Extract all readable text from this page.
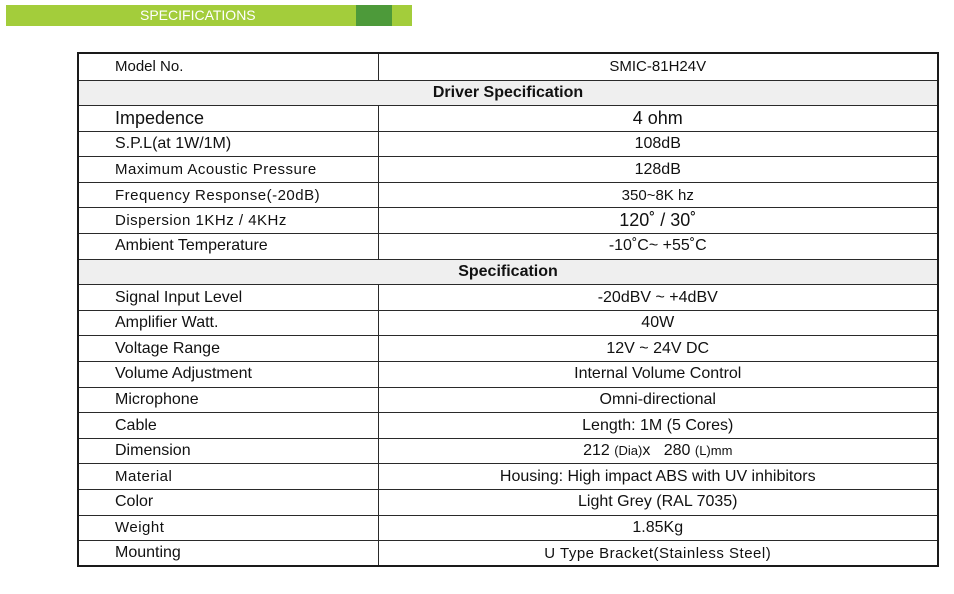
SPECIFICATIONS
Model No.	SMIC-81H24V
Driver Specification	
Impedence	4 ohm
S.P.L(at 1W/1M)	108dB
Maximum Acoustic Pressure	128dB
Frequency Response(-20dB)	350~8K hz
Dispersion 1KHz / 4KHz	120˚ / 30˚
Ambient Temperature	-10˚C~ +55˚C
Specification	
Signal Input Level	-20dBV ~ +4dBV
Amplifier Watt.	40W
Voltage Range	12V ~ 24V DC
Volume Adjustment	Internal Volume Control
Microphone	Omni-directional
Cable	Length: 1M (5 Cores)
Dimension	212 (Dia)x   280 (L)mm
Material	Housing: High impact ABS with UV inhibitors
Color	Light Grey (RAL 7035)
Weight	1.85Kg
Mounting	U Type Bracket(Stainless Steel)
